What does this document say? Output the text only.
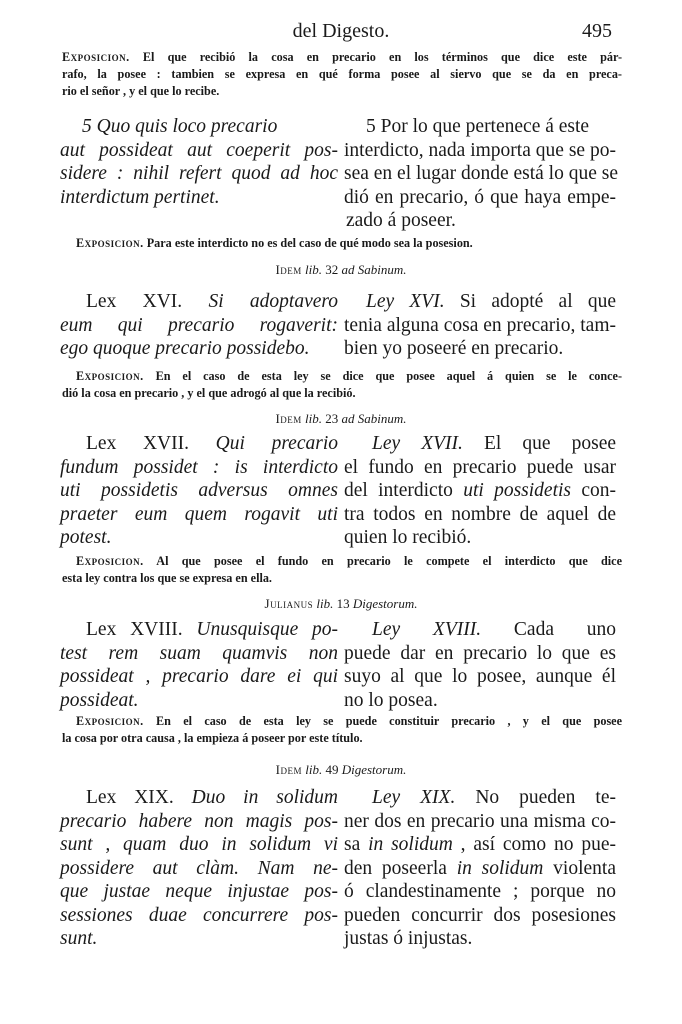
del Digesto.	495
Exposicion. El que recibió la cosa en precario en los términos que dice este pár-
rafo, la posee : tambien se expresa en qué forma posee al siervo que se da en preca-
rio el señor , y el que lo recibe.
5 Quo quis loco precario
aut possideat aut coeperit pos-
sidere : nihil refert quod ad hoc
interdictum pertinet.
5 Por lo que pertenece á este
interdicto, nada importa que se po-
sea en el lugar donde está lo que se
dió en precario, ó que haya empe-
zado á poseer.
Exposicion. Para este interdicto no es del caso de qué modo sea la posesion.
Idem lib. 32 ad Sabinum.
Lex XVI. Si adoptavero
eum qui precario rogaverit:
ego quoque precario possidebo.
Ley XVI. Si adopté al que
tenia alguna cosa en precario, tam-
bien yo poseeré en precario.
Exposicion. En el caso de esta ley se dice que posee aquel á quien se le conce-
dió la cosa en precario , y el que adrogó al que la recibió.
Idem lib. 23 ad Sabinum.
Lex XVII. Qui precario
fundum possidet : is interdicto
uti possidetis adversus omnes
praeter eum quem rogavit uti
potest.
Ley XVII. El que posee
el fundo en precario puede usar
del interdicto uti possidetis con-
tra todos en nombre de aquel de
quien lo recibió.
Exposicion. Al que posee el fundo en precario le compete el interdicto que dice
esta ley contra los que se expresa en ella.
Julianus lib. 13 Digestorum.
Lex XVIII. Unusquisque po-
test rem suam quamvis non
possideat , precario dare ei qui
possideat.
Ley XVIII. Cada uno
puede dar en precario lo que es
suyo al que lo posee, aunque él
no lo posea.
Exposicion. En el caso de esta ley se puede constituir precario , y el que posee
la cosa por otra causa , la empieza á poseer por este título.
Idem lib. 49 Digestorum.
Lex XIX. Duo in solidum
precario habere non magis pos-
sunt , quam duo in solidum vi
possidere aut clàm. Nam ne-
que justae neque injustae pos-
sessiones duae concurrere pos-
sunt.
Ley XIX. No pueden te-
ner dos en precario una misma co-
sa in solidum , así como no pue-
den poseerla in solidum violenta
ó clandestinamente ; porque no
pueden concurrir dos posesiones
justas ó injustas.
